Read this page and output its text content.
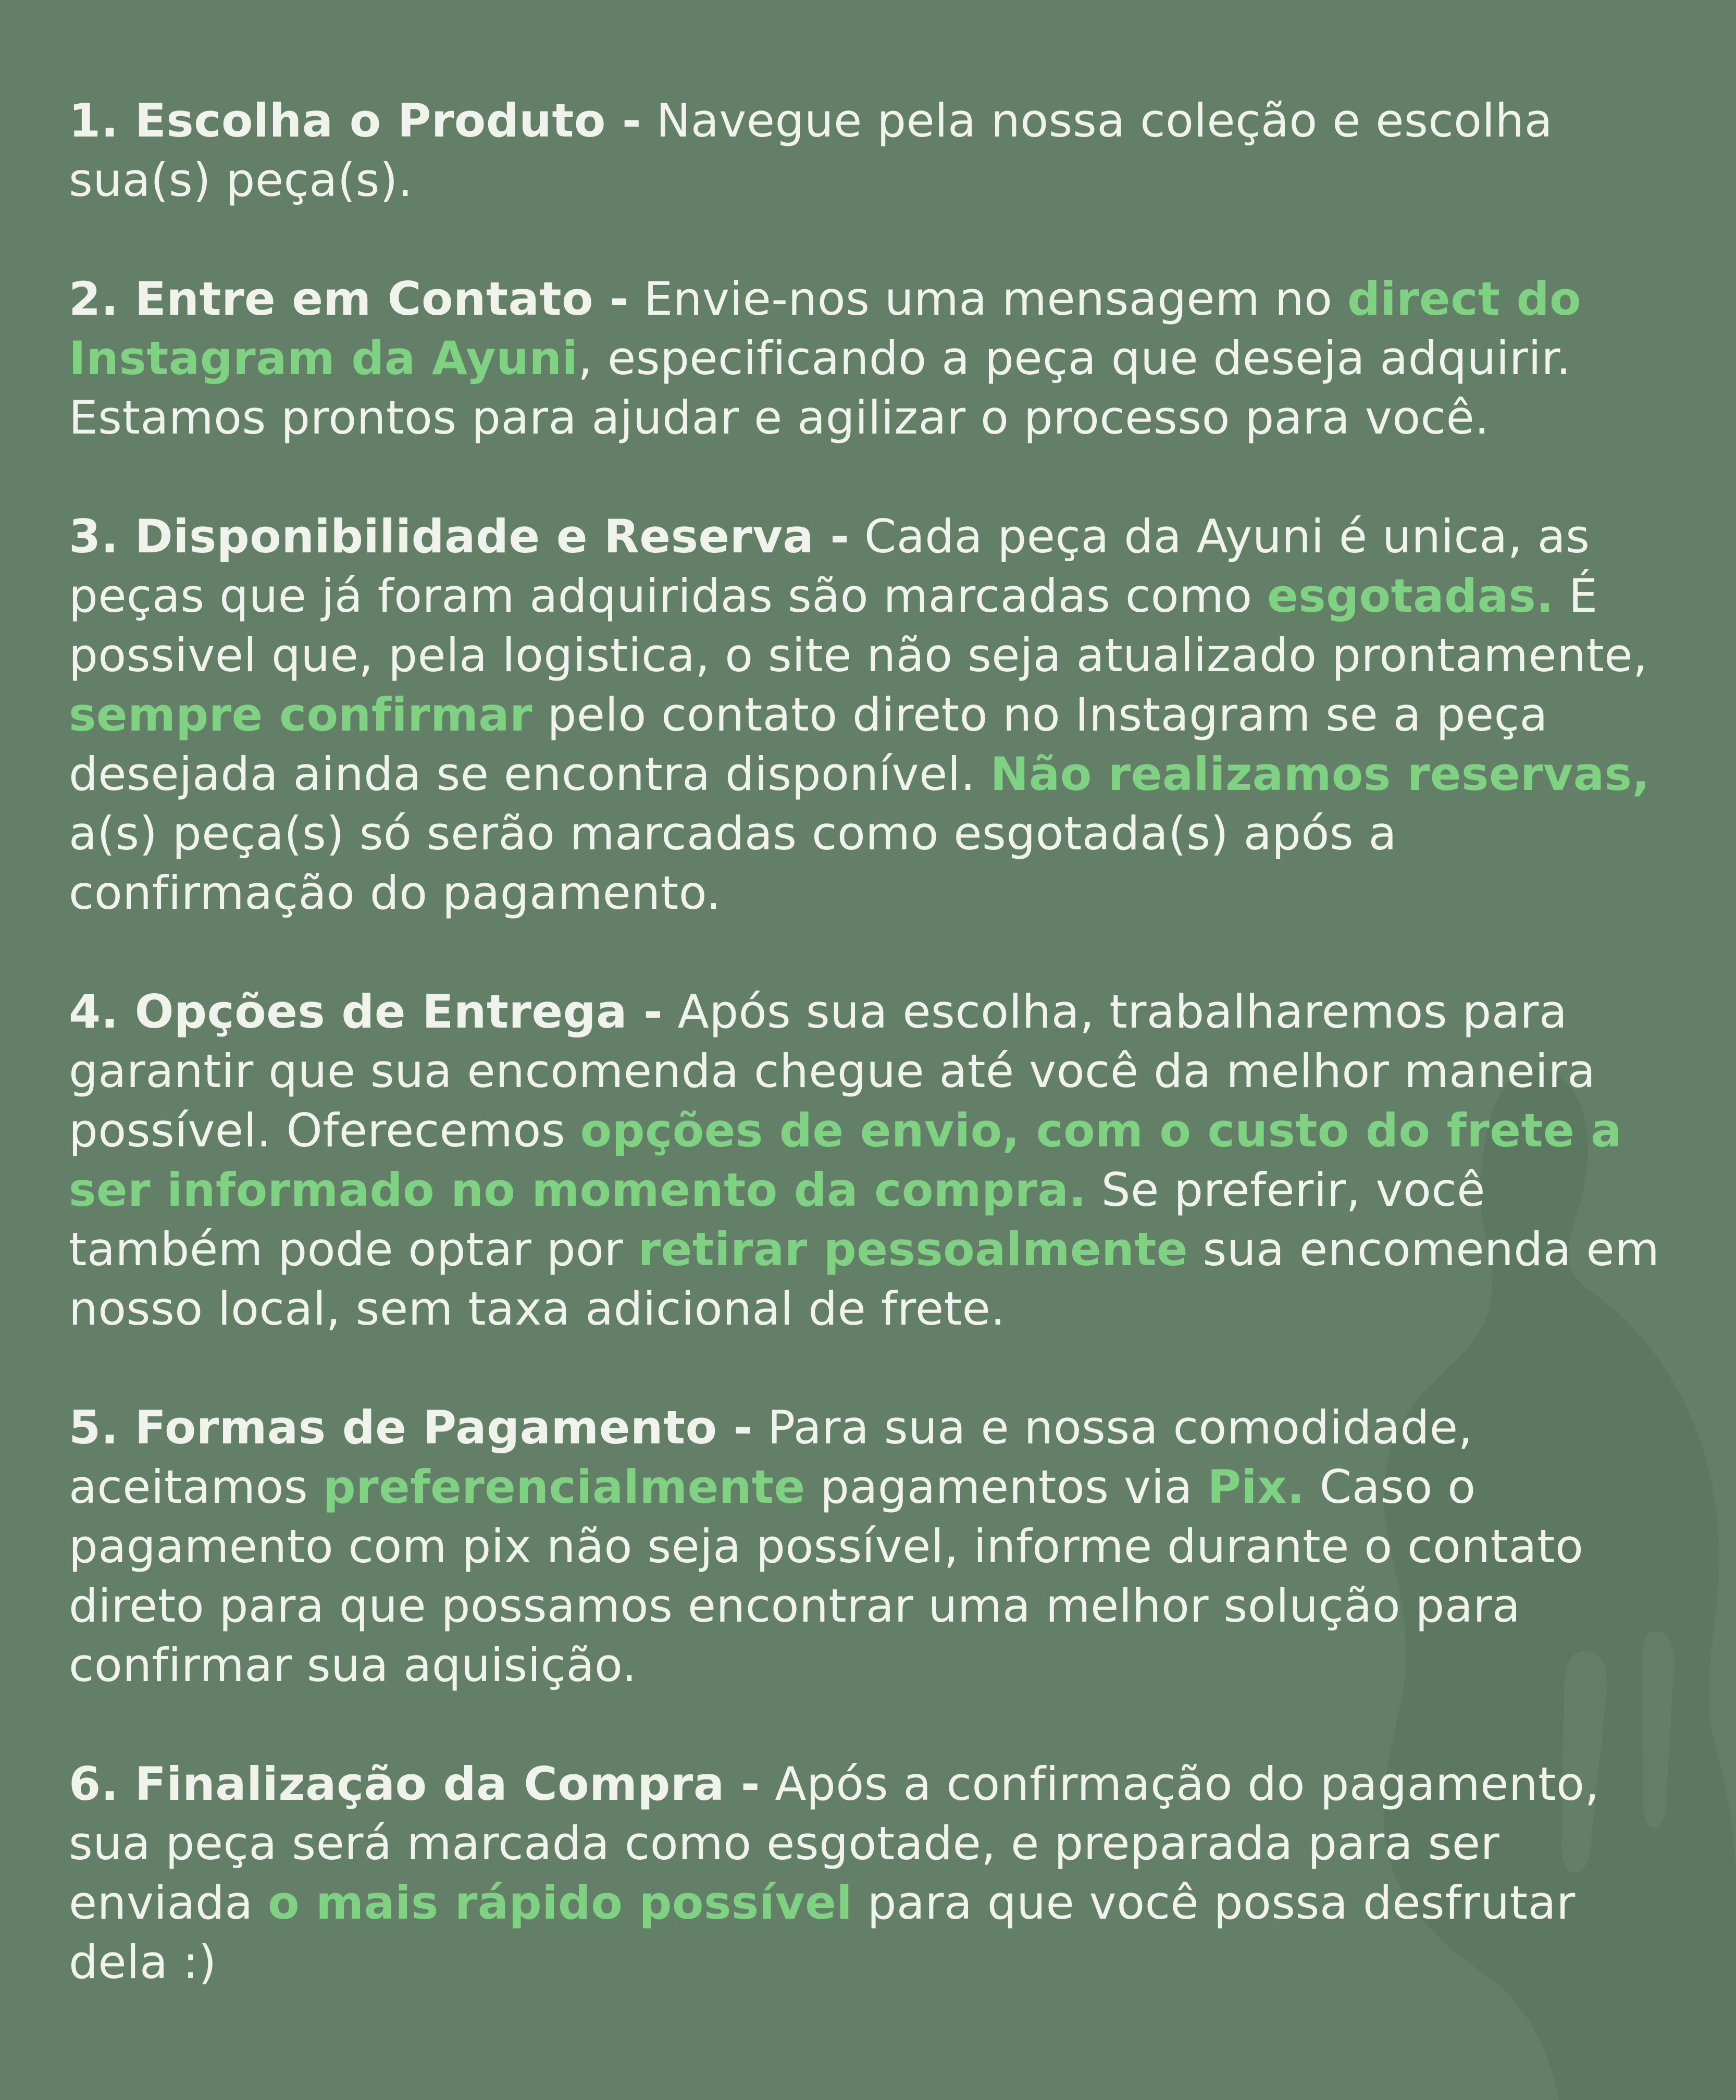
1. Escolha o Produto - Navegue pela nossa coleção e escolha sua(s) peça(s).

2. Entre em Contato - Envie-nos uma mensagem no direct do Instagram da Ayuni, especificando a peça que deseja adquirir. Estamos prontos para ajudar e agilizar o processo para você.

3. Disponibilidade e Reserva - Cada peça da Ayuni é unica, as peças que já foram adquiridas são marcadas como esgotadas. É possivel que, pela logistica, o site não seja atualizado prontamente, sempre confirmar pelo contato direto no Instagram se a peça desejada ainda se encontra disponível. Não realizamos reservas, a(s) peça(s) só serão marcadas como esgotada(s) após a confirmação do pagamento.

4. Opções de Entrega - Após sua escolha, trabalharemos para garantir que sua encomenda chegue até você da melhor maneira possível. Oferecemos opções de envio, com o custo do frete a ser informado no momento da compra. Se preferir, você também pode optar por retirar pessoalmente sua encomenda em nosso local, sem taxa adicional de frete.

5. Formas de Pagamento - Para sua e nossa comodidade, aceitamos preferencialmente pagamentos via Pix. Caso o pagamento com pix não seja possível, informe durante o contato direto para que possamos encontrar uma melhor solução para confirmar sua aquisição.

6. Finalização da Compra - Após a confirmação do pagamento, sua peça será marcada como esgotade, e preparada para ser enviada o mais rápido possível para que você possa desfrutar dela :)
